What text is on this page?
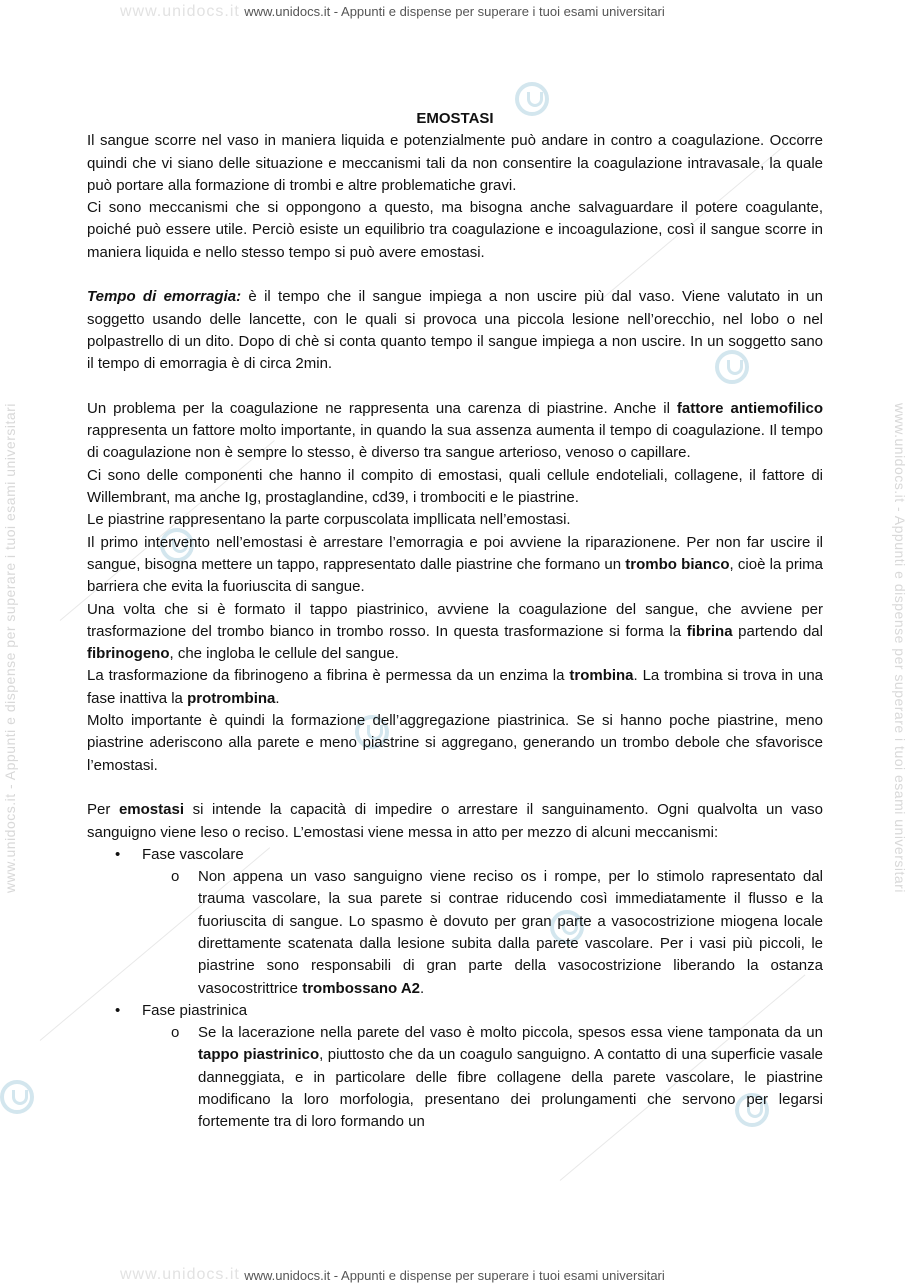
www.unidocs.it
www.unidocs.it
www.unidocs.it - Appunti e dispense per superare i tuoi esami universitari	www.unidocs.it - Appunti e dispense per superare i tuoi esami universitari
www.unidocs.it - Appunti e dispense per superare i tuoi esami universitari
www.unidocs.it - Appunti e dispense per superare i tuoi esami universitari

EMOSTASI

Il sangue scorre nel vaso in maniera liquida e potenzialmente può andare in contro a coagulazione. Occorre quindi che vi siano delle situazione e meccanismi tali da non consentire la coagulazione intravasale, la quale può portare alla formazione di trombi e altre problematiche gravi.

Ci sono meccanismi che si oppongono a questo, ma bisogna anche salvaguardare il potere coagulante, poiché può essere utile. Perciò esiste un equilibrio tra coagulazione e incoagulazione, così il sangue scorre in maniera liquida e nello stesso tempo si può avere emostasi.

Tempo di emorragia: è il tempo che il sangue impiega a non uscire più dal vaso. Viene valutato in un soggetto usando delle lancette, con le quali si provoca una piccola lesione nell’orecchio, nel lobo o nel polpastrello di un dito. Dopo di chè si conta quanto tempo il sangue impiega a non uscire. In un soggetto sano il tempo di emorragia è di circa 2min.

Un problema per la coagulazione ne rappresenta una carenza di piastrine. Anche il fattore antiemofilico rappresenta un fattore molto importante, in quando la sua assenza aumenta il tempo di coagulazione. Il tempo di coagulazione non è sempre lo stesso, è diverso tra sangue arterioso, venoso o capillare.

Ci sono delle componenti che hanno il compito di emostasi, quali cellule endoteliali, collagene, il fattore di Willembrant, ma anche Ig, prostaglandine, cd39, i trombociti e le piastrine.

Le piastrine rappresentano la parte corpuscolata impllicata nell’emostasi.

Il primo intervento nell’emostasi è arrestare l’emorragia e poi avviene la riparazionene. Per non far uscire il sangue, bisogna mettere un tappo, rappresentato dalle piastrine che formano un trombo bianco, cioè la prima barriera che evita la fuoriuscita di sangue.

Una volta che si è formato il tappo piastrinico, avviene la coagulazione del sangue, che avviene per trasformazione del trombo bianco in trombo rosso. In questa trasformazione si forma la fibrina partendo dal fibrinogeno, che ingloba le cellule del sangue.

La trasformazione da fibrinogeno a fibrina è permessa da un enzima la trombina. La trombina si trova in una fase inattiva la protrombina.

Molto importante è quindi la formazione dell’aggregazione piastrinica. Se si hanno poche piastrine, meno piastrine aderiscono alla parete e meno piastrine si aggregano, generando un trombo debole che sfavorisce l’emostasi.

Per emostasi si intende la capacità di impedire o arrestare il sanguinamento. Ogni qualvolta un vaso sanguigno viene leso o reciso. L’emostasi viene messa in atto per mezzo di alcuni meccanismi:

• Fase vascolare
o Non appena un vaso sanguigno viene reciso os i rompe, per lo stimolo rapresentato dal trauma vascolare, la sua parete si contrae riducendo così immediatamente il flusso e la fuoriuscita di sangue. Lo spasmo è dovuto per gran parte a vasocostrizione miogena locale direttamente scatenata dalla lesione subita dalla parete vascolare. Per i vasi più piccoli, le piastrine sono responsabili di gran parte della vasocostrizione liberando la ostanza vasocostrittrice trombossano A2.
• Fase piastrinica
o Se la lacerazione nella parete del vaso è molto piccola, spesos essa viene tamponata da un tappo piastrinico, piuttosto che da un coagulo sanguigno. A contatto di una superficie vasale danneggiata, e in particolare delle fibre collagene della parete vascolare, le piastrine modificano la loro morfologia, presentano dei prolungamenti che servono per legarsi fortemente tra di loro formando un
